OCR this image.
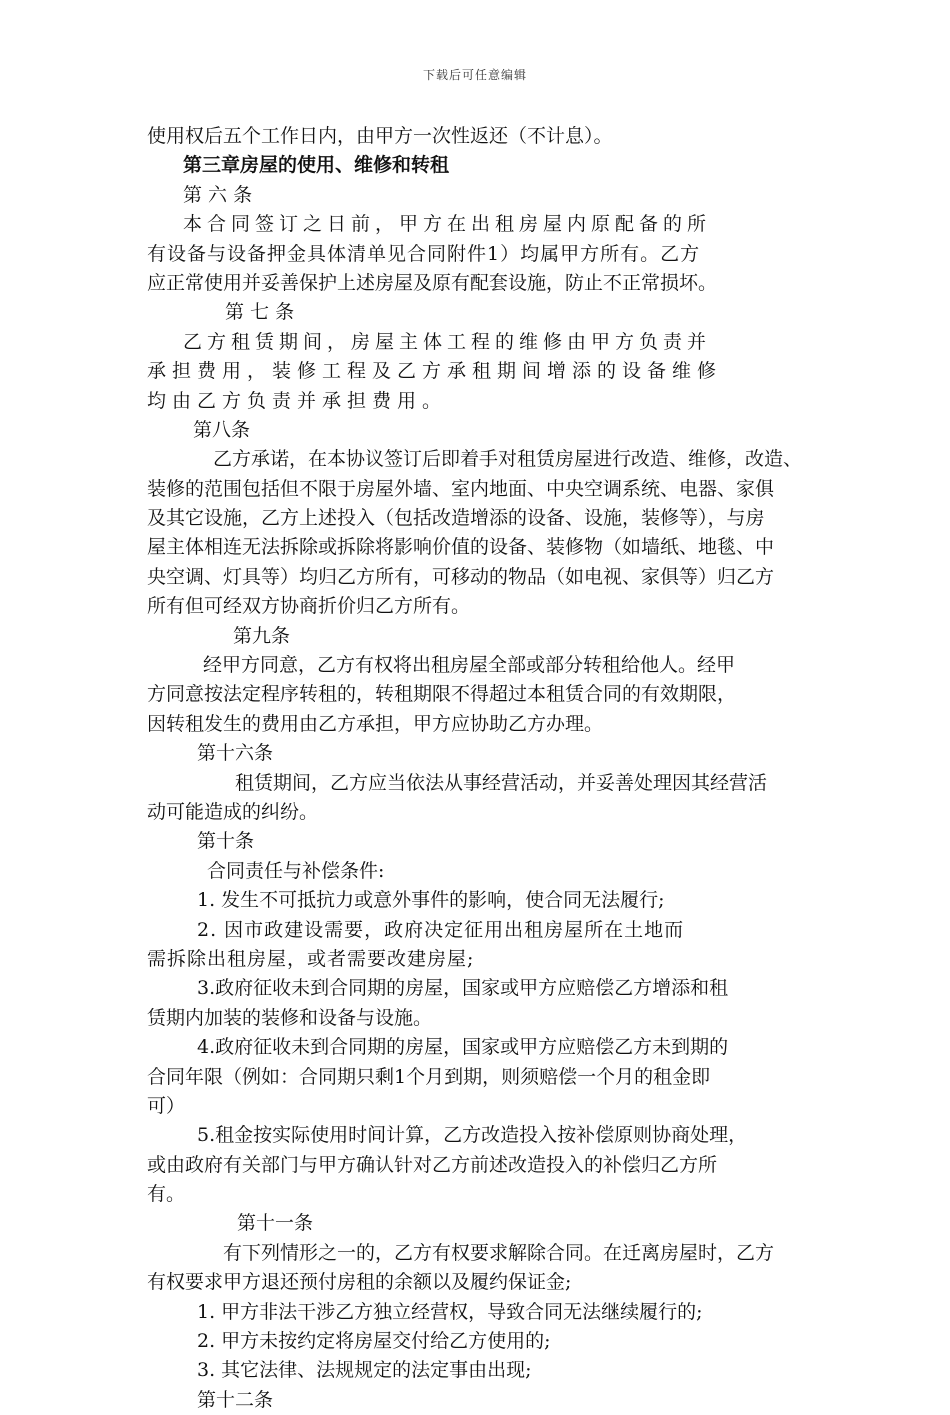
下载后可任意编辑
使用权后五个工作日内，由甲方一次性返还（不计息）。
第三章房屋的使用、维修和转租
第 六 条
本合同签订之日前，甲方在出租房屋内原配备的所
有设备与设备押金具体清单见合同附件1）均属甲方所有。乙方
应正常使用并妥善保护上述房屋及原有配套设施，防止不正常损坏。
第 七 条
乙方租赁期间，房屋主体工程的维修由甲方负责并
承担费用，装修工程及乙方承租期间增添的设备维修
均由乙方负责并承担费用。
第八条
乙方承诺，在本协议签订后即着手对租赁房屋进行改造、维修，改造、
装修的范围包括但不限于房屋外墙、室内地面、中央空调系统、电器、家俱
及其它设施，乙方上述投入（包括改造增添的设备、设施，装修等），与房
屋主体相连无法拆除或拆除将影响价值的设备、装修物（如墙纸、地毯、中
央空调、灯具等）均归乙方所有，可移动的物品（如电视、家俱等）归乙方
所有但可经双方协商折价归乙方所有。
第九条
经甲方同意，乙方有权将出租房屋全部或部分转租给他人。经甲
方同意按法定程序转租的，转租期限不得超过本租赁合同的有效期限，
因转租发生的费用由乙方承担，甲方应协助乙方办理。
第十六条
租赁期间，乙方应当依法从事经营活动，并妥善处理因其经营活
动可能造成的纠纷。
第十条
合同责任与补偿条件:
1. 发生不可抵抗力或意外事件的影响，使合同无法履行;
2. 因市政建设需要，政府决定征用出租房屋所在土地而
需拆除出租房屋，或者需要改建房屋;
3.政府征收未到合同期的房屋，国家或甲方应赔偿乙方增添和租
赁期内加装的装修和设备与设施。
4.政府征收未到合同期的房屋，国家或甲方应赔偿乙方未到期的
合同年限（例如：合同期只剩1个月到期，则须赔偿一个月的租金即
可）
5.租金按实际使用时间计算，乙方改造投入按补偿原则协商处理，
或由政府有关部门与甲方确认针对乙方前述改造投入的补偿归乙方所
有。
第十一条
有下列情形之一的，乙方有权要求解除合同。在迁离房屋时，乙方
有权要求甲方退还预付房租的余额以及履约保证金;
1. 甲方非法干涉乙方独立经营权，导致合同无法继续履行的;
2. 甲方未按约定将房屋交付给乙方使用的;
3. 其它法律、法规规定的法定事由出现;
第十二条
